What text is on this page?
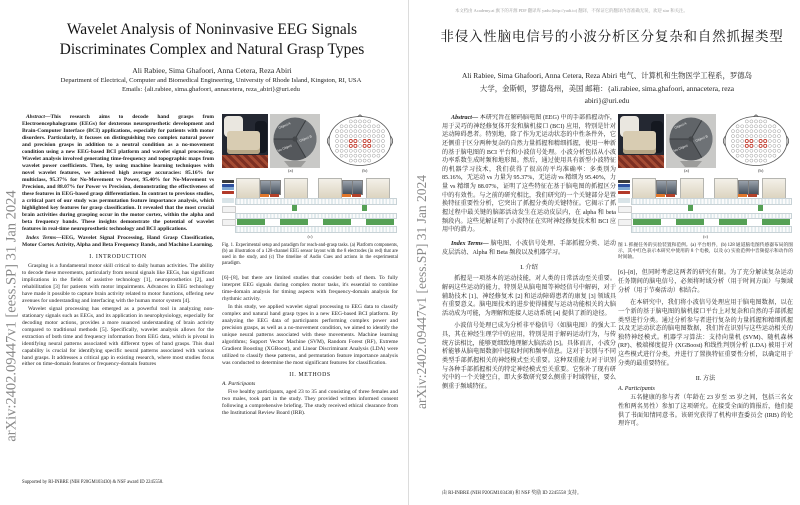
arXiv:2402.09447v1 [eess.SP] 31 Jan 2024
Wavelet Analysis of Noninvasive EEG Signals Discriminates Complex and Natural Grasp Types
Ali Rabiee, Sima Ghafoori, Anna Cetera, Reza Abiri
Department of Electrical, Computer and Biomedical Engineering, University of Rhode Island, Kingston, RI, USA
Emails: {ali.rabiee, sima.ghafoori, annacetera, reza_abiri}@uri.edu

Abstract—This research aims to decode hand grasps from Electroencephalograms (EEGs) for dexterous neuroprosthetic development and Brain-Computer Interface (BCI) applications, especially for patients with motor disorders. Particularly, it focuses on distinguishing two complex natural power and precision grasps in addition to a neutral condition as a no-movement condition using a new EEG-based BCI platform and wavelet signal processing. Wavelet analysis involved generating time-frequency and topographic maps from wavelet power coefficients. Then, by using machine learning techniques with novel wavelet features, we achieved high average accuracies: 85.16% for multiclass, 95.37% for No-Movement vs Power, 95.40% for No-Movement vs Precision, and 88.07% for Power vs Precision, demonstrating the effectiveness of these features in EEG-based grasp differentiation. In contrast to previous studies, a critical part of our study was permutation feature importance analysis, which highlighted key features for grasp classification. It revealed that the most crucial brain activities during grasping occur in the motor cortex, within the alpha and beta frequency bands. These insights demonstrate the potential of wavelet features in real-time neuroprosthetic technology and BCI applications.

Index Terms—EEG, Wavelet Signal Processing, Hand Grasp Classification, Motor Cortex Activity, Alpha and Beta Frequency Bands, and Machine Learning.

I. INTRODUCTION

Grasping is a fundamental motor skill critical to daily human activities. The ability to decode these movements, particularly from neural signals like EEGs, has significant implications in the fields of assistive technology [1], neuroprosthetics [2], and rehabilitation [3] for patients with motor impairments. Advances in EEG technology have made it possible to capture brain activity related to motor functions, offering new avenues for understanding and interfacing with the human motor system [4].

Wavelet signal processing has emerged as a powerful tool in analyzing non-stationary signals such as EEGs, and its application in neurophysiology, especially for decoding motor actions, provides a more nuanced understanding of brain activity compared to traditional methods [5]. Specifically, wavelet analysis allows for the extraction of both time and frequency information from EEG data, which is pivotal in identifying neural patterns associated with different types of hand grasps. This dual capability is crucial for identifying specific neural patterns associated with various hand grasps. It addresses a critical gap in existing research, where most studies focus either on time-domain features or frequency-domain features

Supported by RI-INBRE (NIH P20GM103430) & NSF award ID 2245558.
Object A
Object B
No Object
(a)	(b)
(c)

Fig. 1. Experimental setup and paradigm for reach-and-grasp tasks. (a) Platform components, (b) an illustration of a 128-channel EEG sensor layout with the 8 electrodes (in red) that are used in the study, and (c) The timeline of Audio Cues and actions in the experimental paradigm.

[6]–[8], but there are limited studies that consider both of them. To fully interpret EEG signals during complex motor tasks, it's essential to combine time-domain analysis for timing aspects with frequency-domain analysis for rhythmic activity.

In this study, we applied wavelet signal processing to EEG data to classify complex and natural hand grasp types in a new EEG-based BCI platform. By analyzing the EEG data of participants performing complex power and precision grasps, as well as a no-movement condition, we aimed to identify the unique neural patterns associated with these movements. Machine learning algorithms; Support Vector Machine (SVM), Random Forest (RF), Extreme Gradient Boosting (XGBoost), and Linear Discriminant Analysis (LDA) were utilized to classify these patterns, and permutation feature importance analysis was conducted to determine the most significant features for classification.

II. METHODS
A. Participants

Five healthy participants, aged 23 to 35 and consisting of three females and two males, took part in the study. They provided written informed consent following a comprehensive briefing. The study received ethical clearance from the Institutional Review Board (IRB).

arXiv:2402.09447v1 [eess.SP] 31 Jan 2024
本文档由 Academy.ai 旗下的开源 PDF 翻译库 yadu (http://yadt.io) 翻译，不保证它的翻译内容准确无误，欢迎 star 和关注。
非侵入性脑电信号的小波分析区分复杂和自然抓握类型
Ali Rabiee, Sima Ghafoori, Anna Cetera, Reza Abiri 电气、计算机和生物医学工程系，罗德岛大学，金斯顿，罗德岛州，美国 邮箱：{ali.rabiee, sima.ghafoori, annacetera, reza abiri}@uri.edu

Abstract— 本研究旨在解码脑电图 (EEG) 中的手部抓握动作，用于灵巧的神经修复体开发和脑机接口 (BCI) 应用，特别是针对运动障碍患者。特别地，除了作为无运动状态的中性条件外，它还侧重于区分两种复杂的自然力量抓握和精细抓握，使用一种新的基于脑电图的 BCI 平台和小波信号处理。小波分析包括从小波功率系数生成时频和地形图。然后，通过使用具有新型小波特征的机器学习技术，我们获得了很高的平均准确率：多类别为 85.16%，无运动 vs 力量为 95.37%，无运动 vs 精细为 95.40%，力量 vs 精细为 88.07%，证明了这些特征在基于脑电图的抓握区分中的有效性。与之前的研究相比，我们研究的一个关键部分是置换特征重要性分析，它突出了抓握分类的关键特征。它揭示了抓握过程中最关键的脑部活动发生在运动皮层内，在 alpha 和 beta 频段内。这些见解证明了小波特征在实时神经修复技术和 BCI 应用中的潜力。

Index Terms— 脑电图、小波信号处理、手部抓握分类、运动皮层活动、Alpha 和 Beta 频段以及机器学习。

I. 介绍

抓握是一项基本的运动技能，对人类的日常活动至关重要。解码这些运动的能力，特别是从脑电图等神经信号中解码，对于辅助技术 [1]、神经修复术 [2] 和运动障碍患者的康复 [3] 领域具有重要意义。脑电图技术的进步使得捕捉与运动功能相关的大脑活动成为可能，为理解和连接人运动系统 [4] 提供了新的途径。

小波信号处理已成为分析非平稳信号（如脑电图）的强大工具，其在神经生理学中的应用，特别是用于解码运动行为，与传统方法相比，能够更细致地理解大脑活动 [5]。具体而言，小波分析能够从脑电图数据中提取时间和频率信息。这对于识别与不同类型手部抓握相关的神经模式至关重要。这种双重能力对于识别与各种手部抓握相关的特定神经模式至关重要。它弥补了现有研究中的一个关键空白，即大多数研究要么侧重于时域特征，要么侧重于频域特征。

由 RI-INBRE (NIH P20GM103430) 和 NSF 奖励 ID 2245558 支持。
Object A
Object B
No Object
(a)	(b)
(c)

图 1. 抓握任务的实验装置和范例。(a) 平台组件，(b) 128 通道脑电图传感器布局的图示，其中红色表示本研究中使用的 8 个电极，以及 (c) 实验范例中音频提示和动作的时间轴。

[6]–[8]，但同时考虑这两者的研究有限。为了充分解读复杂运动任务期间的脑电信号，必须将时域分析（用于时间方面）与频域分析（用于节奏活动）相结合。

在本研究中，我们将小波信号处理应用于脑电图数据，以在一个新的基于脑电图的脑机接口平台上对复杂和自然的手部抓握类型进行分类。通过分析参与者进行复杂的力量抓握和精细抓握以及无运动状态的脑电图数据，我们旨在识别与这些运动相关的独特神经模式。机器学习算法：支持向量机 (SVM)、随机森林 (RF)、极端梯度提升 (XGBoost) 和线性判别分析 (LDA) 被用于对这些模式进行分类，并进行了置换特征重要性分析，以确定用于分类的最重要特征。

II. 方法
A. Participants

五名健康的参与者（年龄在 23 岁至 35 岁之间，包括三名女性和两名男性）参加了这项研究。在接受全面的简报后，他们提供了书面知情同意书。该研究获得了机构审查委员会 (IRB) 的伦理许可。
